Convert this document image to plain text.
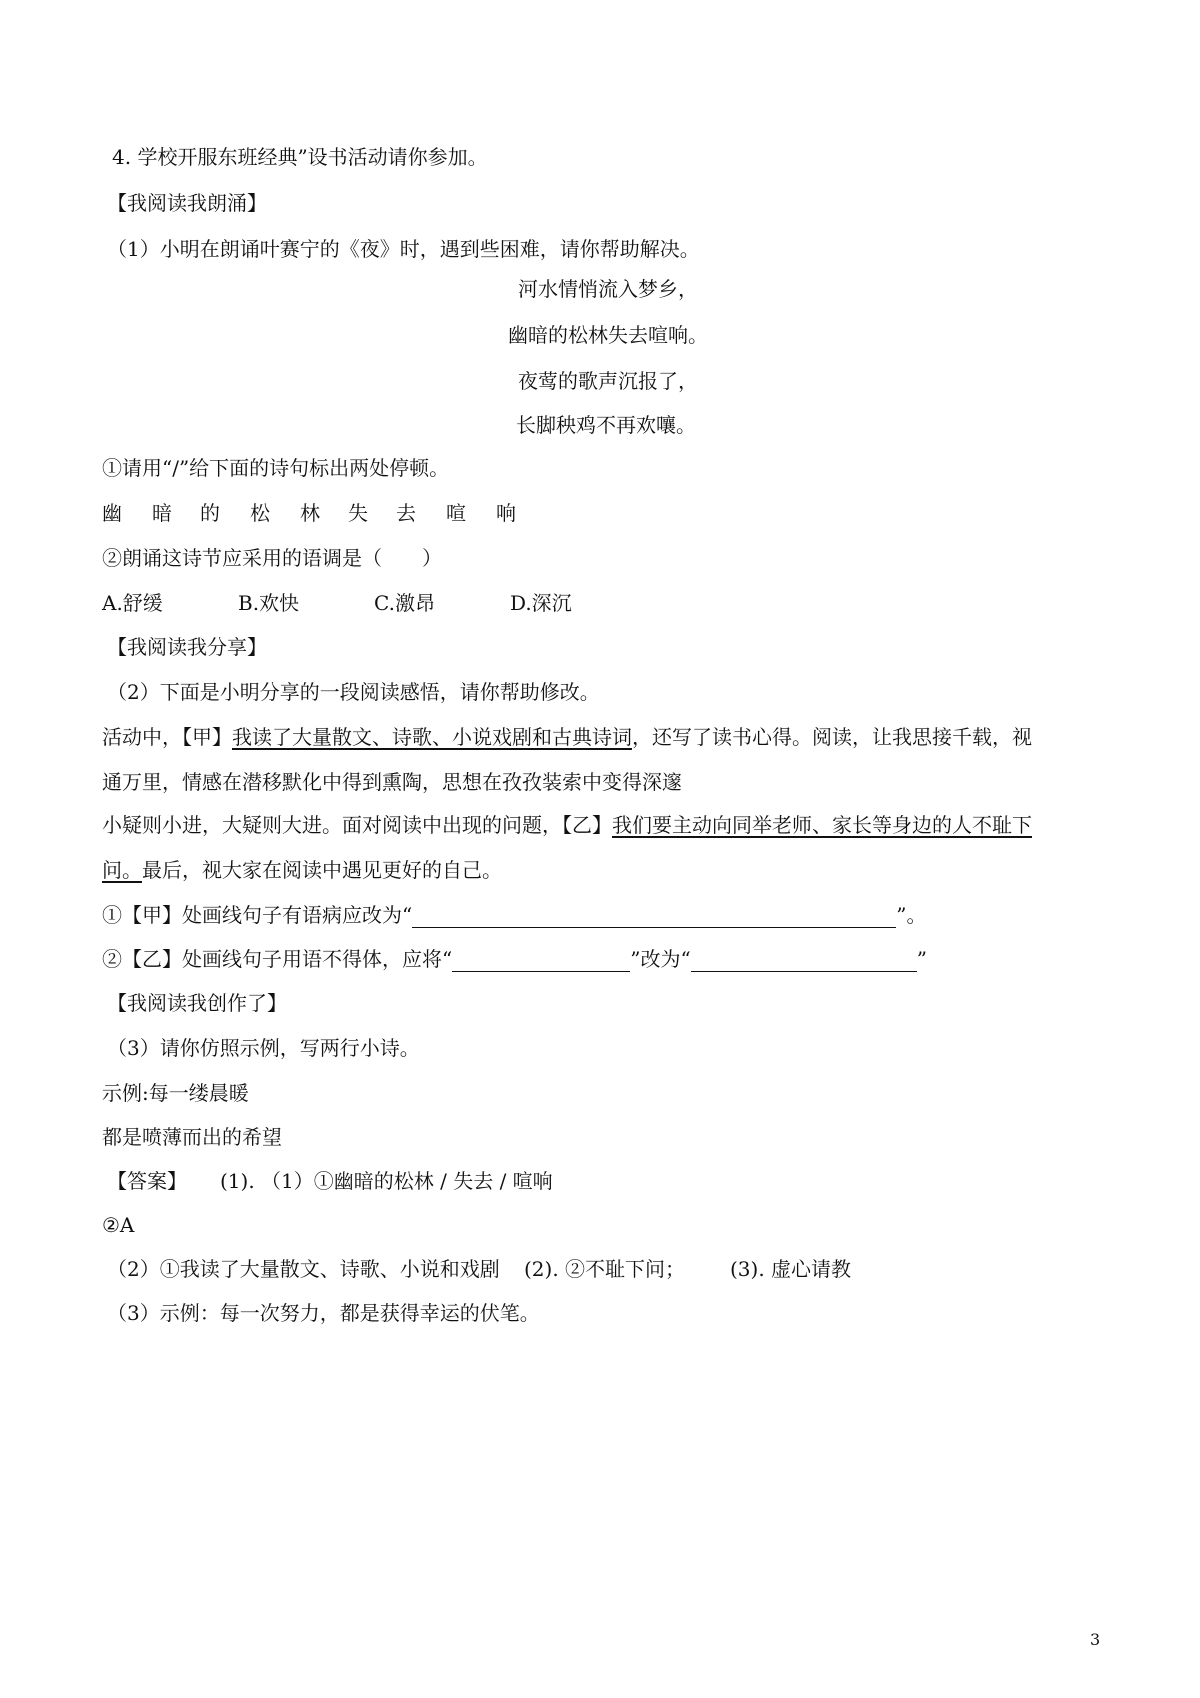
4. 学校开服东班经典”设书活动请你参加。
【我阅读我朗涌】
（1）小明在朗诵叶赛宁的《夜》时，遇到些困难，请你帮助解决。
河水情悄流入梦乡，
幽暗的松林失去喧响。
夜莺的歌声沉报了，
长脚秧鸡不再欢嚷。
①请用“/”给下面的诗句标出两处停顿。
幽 暗 的 松 林 失 去 喧 响
②朗诵这诗节应采用的语调是（　　）
A.舒缓	B.欢快	C.激昂	D.深沉
【我阅读我分享】
（2）下面是小明分享的一段阅读感悟，请你帮助修改。
活动中，【甲】我读了大量散文、诗歌、小说戏剧和古典诗词，还写了读书心得。阅读，让我思接千载，视
通万里，情感在潜移默化中得到熏陶，思想在孜孜装索中变得深邃
小疑则小进，大疑则大进。面对阅读中出现的问题，【乙】我们要主动向同举老师、家长等身边的人不耻下
问。最后，视大家在阅读中遇见更好的自己。
①【甲】处画线句子有语病应改为“	”。
②【乙】处画线句子用语不得体，应将“	”改为“	”
【我阅读我创作了】
（3）请你仿照示例，写两行小诗。
示例:每一缕晨暖
都是喷薄而出的希望
【答案】 (1). （1）①幽暗的松林 / 失去 / 喧响
②A
（2）①我读了大量散文、诗歌、小说和戏剧 (2). ②不耻下问； (3). 虚心请教
（3）示例：每一次努力，都是获得幸运的伏笔。
3
